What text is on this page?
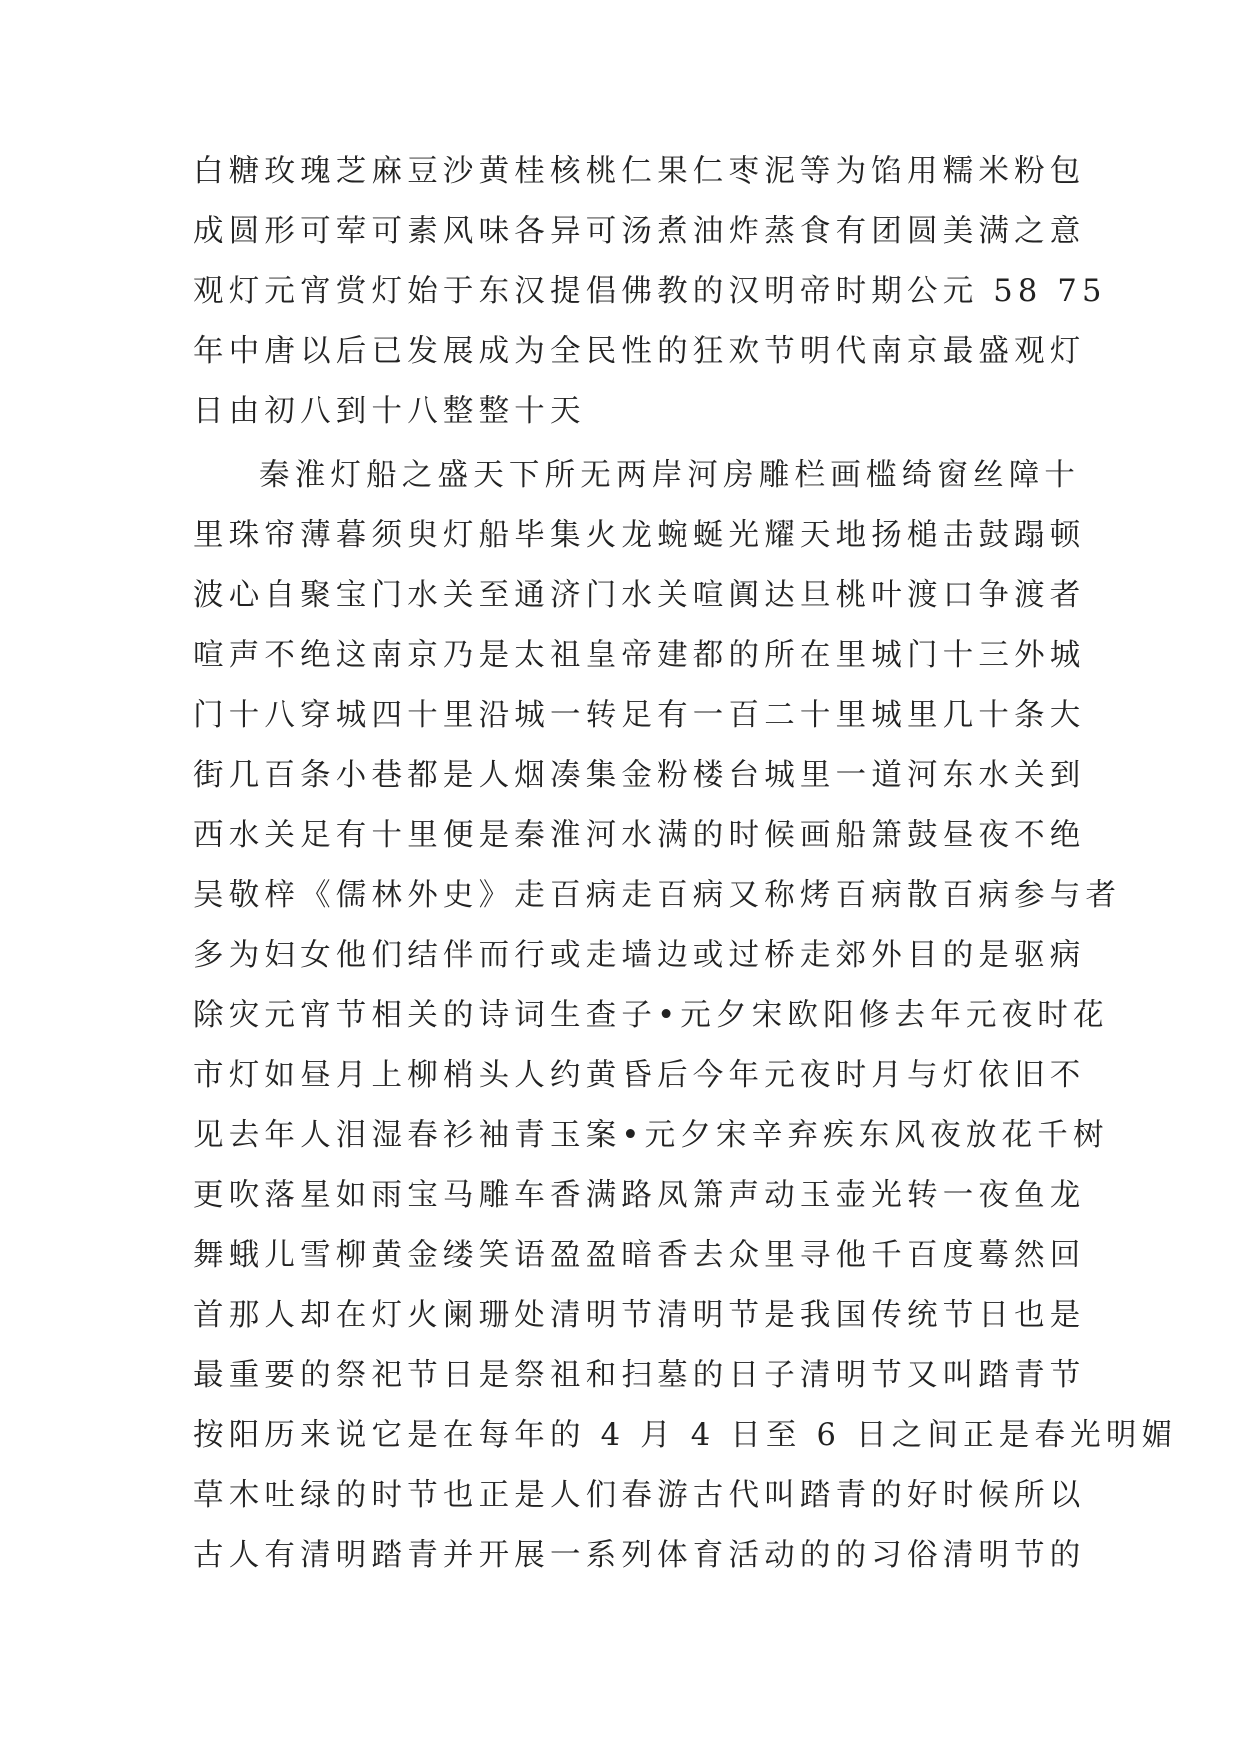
白糖玫瑰芝麻豆沙黄桂核桃仁果仁枣泥等为馅用糯米粉包
成圆形可荤可素风味各异可汤煮油炸蒸食有团圆美满之意
观灯元宵赏灯始于东汉提倡佛教的汉明帝时期公元 58 75
年中唐以后已发展成为全民性的狂欢节明代南京最盛观灯
日由初八到十八整整十天
秦淮灯船之盛天下所无两岸河房雕栏画槛绮窗丝障十
里珠帘薄暮须臾灯船毕集火龙蜿蜒光耀天地扬槌击鼓蹋顿
波心自聚宝门水关至通济门水关喧阗达旦桃叶渡口争渡者
喧声不绝这南京乃是太祖皇帝建都的所在里城门十三外城
门十八穿城四十里沿城一转足有一百二十里城里几十条大
街几百条小巷都是人烟凑集金粉楼台城里一道河东水关到
西水关足有十里便是秦淮河水满的时候画船箫鼓昼夜不绝
吴敬梓《儒林外史》走百病走百病又称烤百病散百病参与者
多为妇女他们结伴而行或走墙边或过桥走郊外目的是驱病
除灾元宵节相关的诗词生查子•元夕宋欧阳修去年元夜时花
市灯如昼月上柳梢头人约黄昏后今年元夜时月与灯依旧不
见去年人泪湿春衫袖青玉案•元夕宋辛弃疾东风夜放花千树
更吹落星如雨宝马雕车香满路凤箫声动玉壶光转一夜鱼龙
舞蛾儿雪柳黄金缕笑语盈盈暗香去众里寻他千百度蓦然回
首那人却在灯火阑珊处清明节清明节是我国传统节日也是
最重要的祭祀节日是祭祖和扫墓的日子清明节又叫踏青节
按阳历来说它是在每年的 4 月 4 日至 6 日之间正是春光明媚
草木吐绿的时节也正是人们春游古代叫踏青的好时候所以
古人有清明踏青并开展一系列体育活动的的习俗清明节的
